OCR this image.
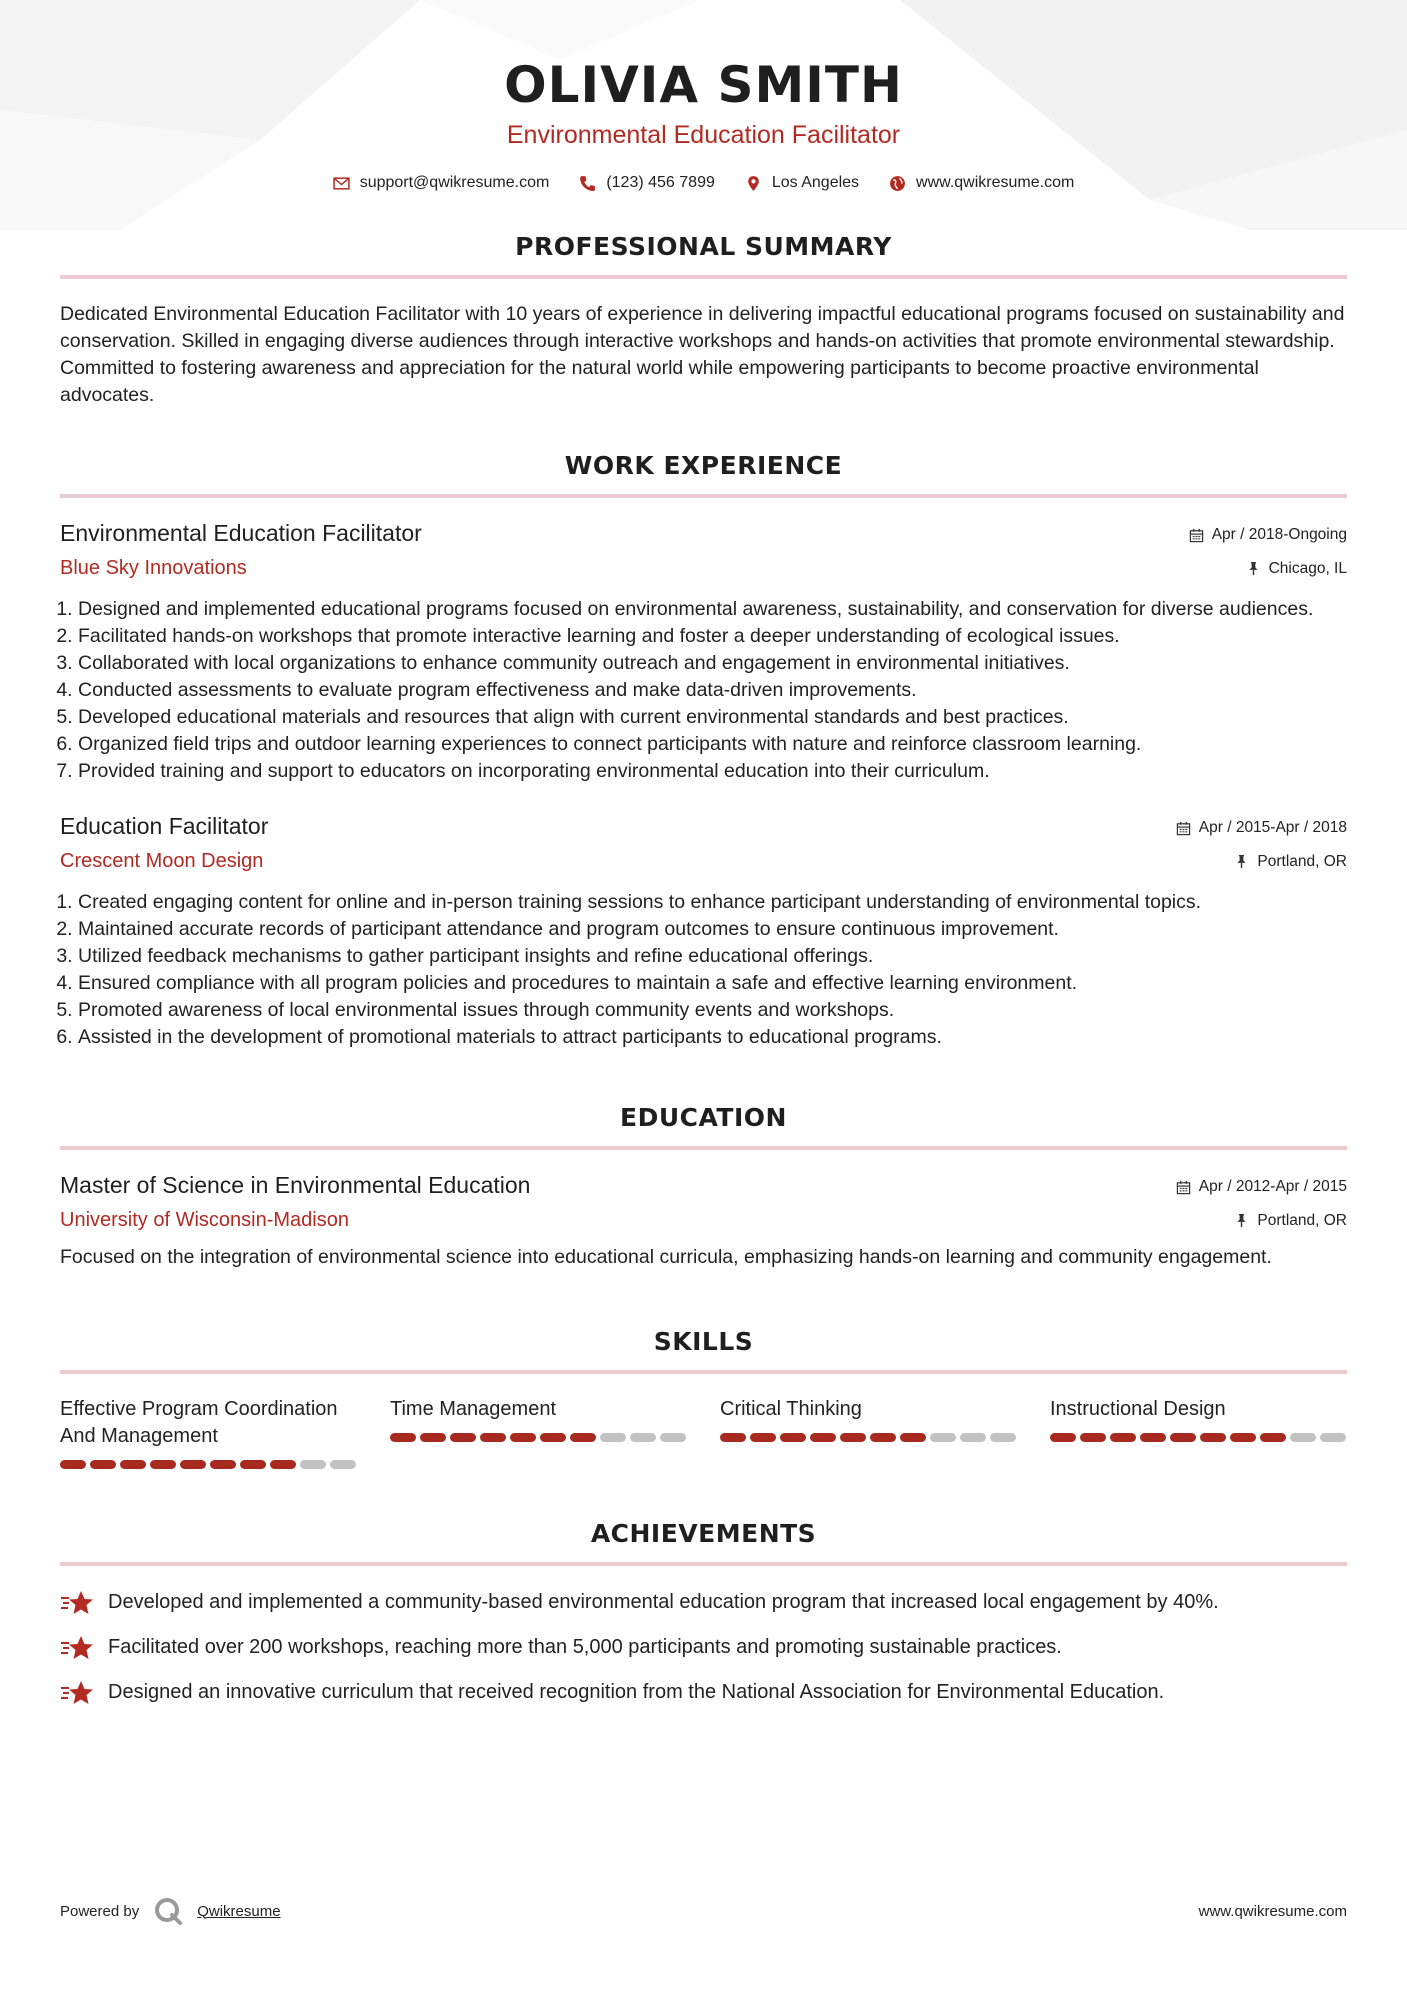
OLIVIA SMITH
Environmental Education Facilitator
support@qwikresume.com	(123) 456 7899	Los Angeles	www.qwikresume.com
PROFESSIONAL SUMMARY

Dedicated Environmental Education Facilitator with 10 years of experience in delivering impactful educational programs focused on sustainability and conservation. Skilled in engaging diverse audiences through interactive workshops and hands-on activities that promote environmental stewardship. Committed to fostering awareness and appreciation for the natural world while empowering participants to become proactive environmental advocates.

WORK EXPERIENCE
Environmental Education Facilitator	Apr / 2018-Ongoing
Blue Sky Innovations	Chicago, IL
1. Designed and implemented educational programs focused on environmental awareness, sustainability, and conservation for diverse audiences.
2. Facilitated hands-on workshops that promote interactive learning and foster a deeper understanding of ecological issues.
3. Collaborated with local organizations to enhance community outreach and engagement in environmental initiatives.
4. Conducted assessments to evaluate program effectiveness and make data-driven improvements.
5. Developed educational materials and resources that align with current environmental standards and best practices.
6. Organized field trips and outdoor learning experiences to connect participants with nature and reinforce classroom learning.
7. Provided training and support to educators on incorporating environmental education into their curriculum.
Education Facilitator	Apr / 2015-Apr / 2018
Crescent Moon Design	Portland, OR
1. Created engaging content for online and in-person training sessions to enhance participant understanding of environmental topics.
2. Maintained accurate records of participant attendance and program outcomes to ensure continuous improvement.
3. Utilized feedback mechanisms to gather participant insights and refine educational offerings.
4. Ensured compliance with all program policies and procedures to maintain a safe and effective learning environment.
5. Promoted awareness of local environmental issues through community events and workshops.
6. Assisted in the development of promotional materials to attract participants to educational programs.
EDUCATION
Master of Science in Environmental Education	Apr / 2012-Apr / 2015
University of Wisconsin-Madison	Portland, OR

Focused on the integration of environmental science into educational curricula, emphasizing hands-on learning and community engagement.

SKILLS
Effective Program Coordination And Management
Time Management	Critical Thinking	Instructional Design
ACHIEVEMENTS
Developed and implemented a community-based environmental education program that increased local engagement by 40%.
Facilitated over 200 workshops, reaching more than 5,000 participants and promoting sustainable practices.
Designed an innovative curriculum that received recognition from the National Association for Environmental Education.
Powered by	Qwikresume	www.qwikresume.com
